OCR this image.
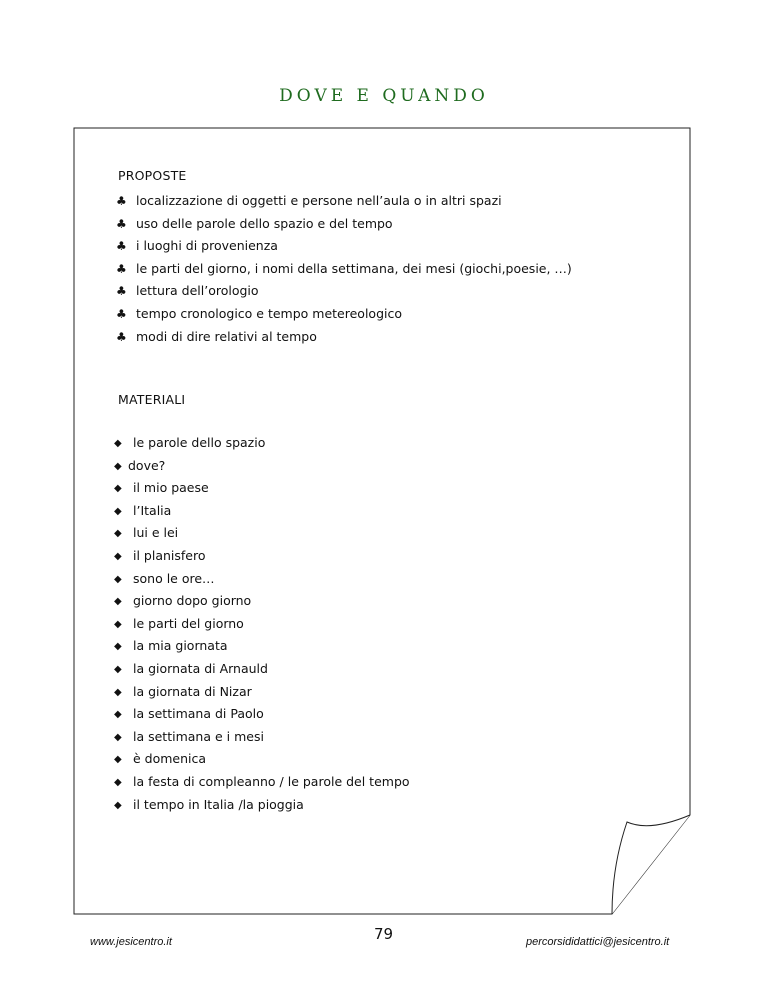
DOVE E QUANDO
PROPOSTE
♣ localizzazione di oggetti e persone nell’aula o in altri spazi
♣ uso delle parole dello spazio e del tempo
♣ i luoghi di provenienza
♣ le parti del giorno, i nomi della settimana, dei mesi (giochi,poesie, …)
♣ lettura dell’orologio
♣ tempo cronologico e tempo metereologico
♣ modi di dire relativi al tempo
MATERIALI
◆ le parole dello spazio
◆ dove?
◆ il mio paese
◆ l’Italia
◆ lui e lei
◆ il planisfero
◆ sono le ore…
◆ giorno dopo giorno
◆ le parti del giorno
◆ la mia giornata
◆ la giornata di Arnauld
◆ la giornata di Nizar
◆ la settimana di Paolo
◆ la settimana e i mesi
◆ è domenica
◆ la festa di compleanno / le parole del tempo
◆ il tempo in Italia /la pioggia
www.jesicentro.it	79	percorsididattici@jesicentro.it
